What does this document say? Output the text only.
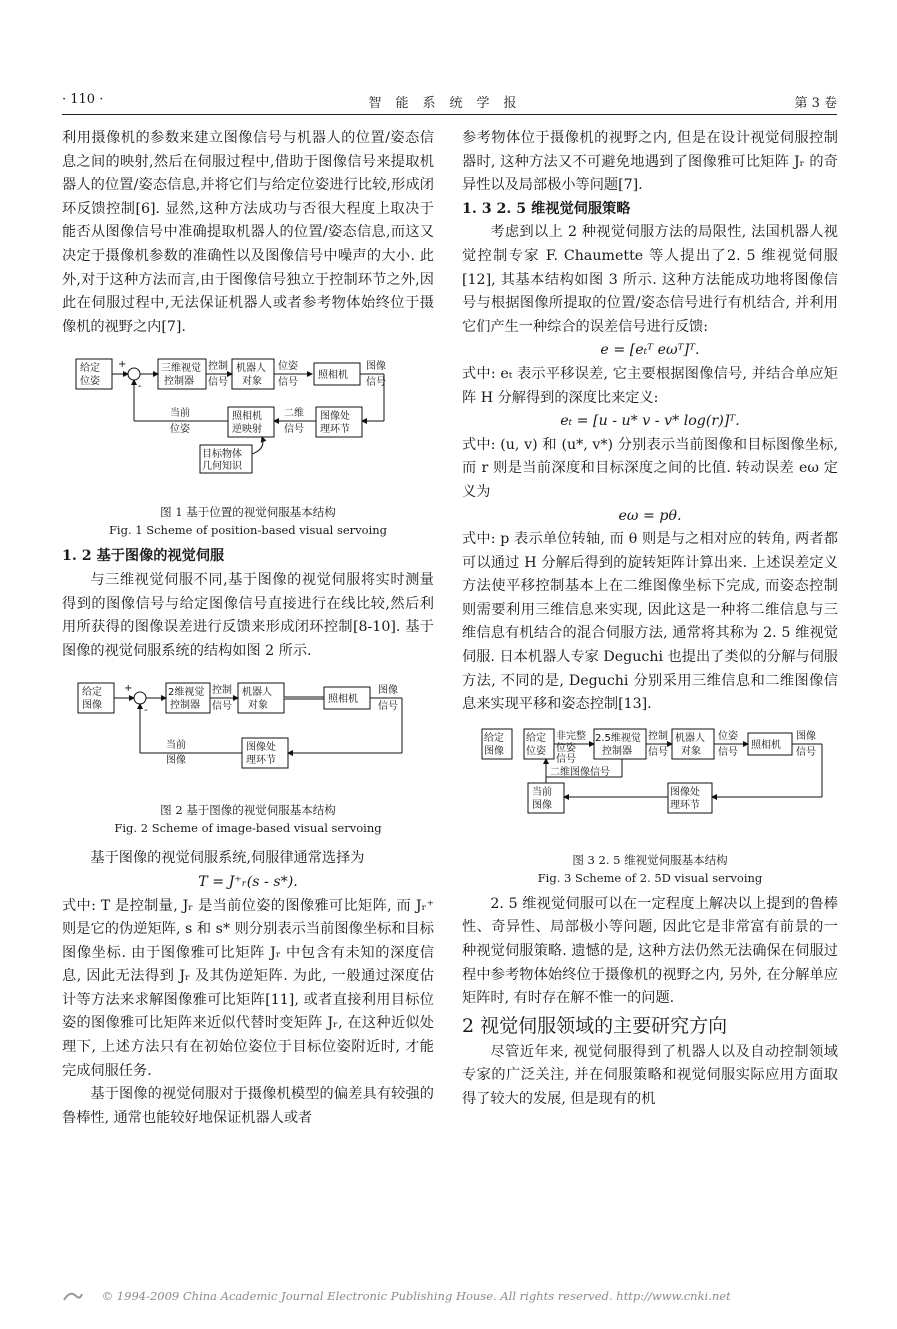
· 110 ·	智能系统学报	第 3 卷

利用摄像机的参数来建立图像信号与机器人的位置/姿态信息之间的映射,然后在伺服过程中,借助于图像信号来提取机器人的位置/姿态信息,并将它们与给定位姿进行比较,形成闭环反馈控制[6]. 显然,这种方法成功与否很大程度上取决于能否从图像信号中准确提取机器人的位置/姿态信息,而这又决定于摄像机参数的准确性以及图像信号中噪声的大小. 此外,对于这种方法而言,由于图像信号独立于控制环节之外,因此在伺服过程中,无法保证机器人或者参考物体始终位于摄像机的视野之内[7].

给定
位姿
+
-
三维视觉
控制器
控制
信号
机器人
对象
位姿
信号
照相机
图像
信号
图像处
理环节
二维
信号
照相机
逆映射
当前
位姿
目标物体
几何知识

图 1 基于位置的视觉伺服基本结构

Fig. 1 Scheme of position-based visual servoing

1. 2 基于图像的视觉伺服

与三维视觉伺服不同,基于图像的视觉伺服将实时测量得到的图像信号与给定图像信号直接进行在线比较,然后利用所获得的图像误差进行反馈来形成闭环控制[8-10]. 基于图像的视觉伺服系统的结构如图 2 所示.

给定
图像
+
-
2维视觉
控制器
控制
信号
机器人
对象
照相机
图像
信号
图像处
理环节
当前
图像

图 2 基于图像的视觉伺服基本结构

Fig. 2 Scheme of image-based visual servoing

基于图像的视觉伺服系统,伺服律通常选择为

T = J⁺ᵣ(s - s*).

式中: T 是控制量, Jᵣ 是当前位姿的图像雅可比矩阵, 而 Jᵣ⁺ 则是它的伪逆矩阵, s 和 s* 则分别表示当前图像坐标和目标图像坐标. 由于图像雅可比矩阵 Jᵣ 中包含有未知的深度信息, 因此无法得到 Jᵣ 及其伪逆矩阵. 为此, 一般通过深度估计等方法来求解图像雅可比矩阵[11], 或者直接利用目标位姿的图像雅可比矩阵来近似代替时变矩阵 Jᵣ, 在这种近似处理下, 上述方法只有在初始位姿位于目标位姿附近时, 才能完成伺服任务.

基于图像的视觉伺服对于摄像机模型的偏差具有较强的鲁棒性, 通常也能较好地保证机器人或者

参考物体位于摄像机的视野之内, 但是在设计视觉伺服控制器时, 这种方法又不可避免地遇到了图像雅可比矩阵 Jᵣ 的奇异性以及局部极小等问题[7].

1. 3 2. 5 维视觉伺服策略

考虑到以上 2 种视觉伺服方法的局限性, 法国机器人视觉控制专家 F. Chaumette 等人提出了2. 5 维视觉伺服[12], 其基本结构如图 3 所示. 这种方法能成功地将图像信号与根据图像所提取的位置/姿态信号进行有机结合, 并利用它们产生一种综合的误差信号进行反馈:

e = [eₜᵀ eωᵀ]ᵀ.

式中: eₜ 表示平移误差, 它主要根据图像信号, 并结合单应矩阵 H 分解得到的深度比来定义:

eₜ = [u - u* v - v* log(r)]ᵀ.

式中: (u, v) 和 (u*, v*) 分别表示当前图像和目标图像坐标, 而 r 则是当前深度和目标深度之间的比值. 转动误差 eω 定义为

eω = pθ.

式中: p 表示单位转轴, 而 θ 则是与之相对应的转角, 两者都可以通过 H 分解后得到的旋转矩阵计算出来. 上述误差定义方法使平移控制基本上在二维图像坐标下完成, 而姿态控制则需要利用三维信息来实现, 因此这是一种将二维信息与三维信息有机结合的混合伺服方法, 通常将其称为 2. 5 维视觉伺服. 日本机器人专家 Deguchi 也提出了类似的分解与伺服方法, 不同的是, Deguchi 分别采用三维信息和二维图像信息来实现平移和姿态控制[13].

给定
图像
给定
位姿
非完整
位姿
信号
2.5维视觉
控制器
控制
信号
机器人
对象
位姿
信号
照相机
图像
信号
图像处
理环节
当前
图像
二维图像信号

图 3 2. 5 维视觉伺服基本结构

Fig. 3 Scheme of 2. 5D visual servoing

2. 5 维视觉伺服可以在一定程度上解决以上提到的鲁棒性、奇异性、局部极小等问题, 因此它是非常富有前景的一种视觉伺服策略. 遗憾的是, 这种方法仍然无法确保在伺服过程中参考物体始终位于摄像机的视野之内, 另外, 在分解单应矩阵时, 有时存在解不惟一的问题.

2 视觉伺服领域的主要研究方向

尽管近年来, 视觉伺服得到了机器人以及自动控制领域专家的广泛关注, 并在伺服策略和视觉伺服实际应用方面取得了较大的发展, 但是现有的机

© 1994-2009 China Academic Journal Electronic Publishing House. All rights reserved. http://www.cnki.net
